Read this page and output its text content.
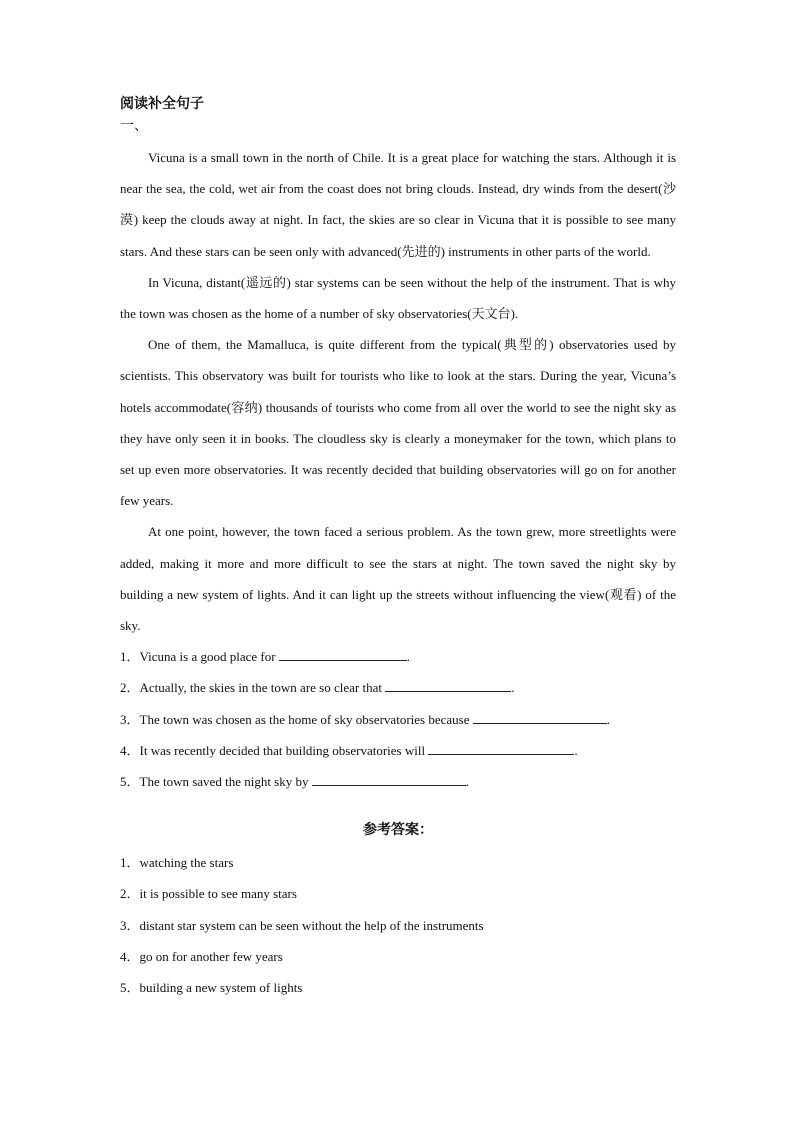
阅读补全句子

一、

Vicuna is a small town in the north of Chile. It is a great place for watching the stars. Although it is near the sea, the cold, wet air from the coast does not bring clouds. Instead, dry winds from the desert(沙漠) keep the clouds away at night. In fact, the skies are so clear in Vicuna that it is possible to see many stars. And these stars can be seen only with advanced(先进的) instruments in other parts of the world.

In Vicuna, distant(遥远的) star systems can be seen without the help of the instrument. That is why the town was chosen as the home of a number of sky observatories(天文台).

One of them, the Mamalluca, is quite different from the typical(典型的) observatories used by scientists. This observatory was built for tourists who like to look at the stars. During the year, Vicuna’s hotels accommodate(容纳) thousands of tourists who come from all over the world to see the night sky as they have only seen it in books. The cloudless sky is clearly a moneymaker for the town, which plans to set up even more observatories. It was recently decided that building observatories will go on for another few years.

At one point, however, the town faced a serious problem. As the town grew, more streetlights were added, making it more and more difficult to see the stars at night. The town saved the night sky by building a new system of lights. And it can light up the streets without influencing the view(观看) of the sky.

1．Vicuna is a good place for	.

2．Actually, the skies in the town are so clear that	.

3．The town was chosen as the home of sky observatories because	.

4．It was recently decided that building observatories will	.

5．The town saved the night sky by	.

参考答案：

1．watching the stars

2．it is possible to see many stars

3．distant star system can be seen without the help of the instruments

4．go on for another few years

5．building a new system of lights
